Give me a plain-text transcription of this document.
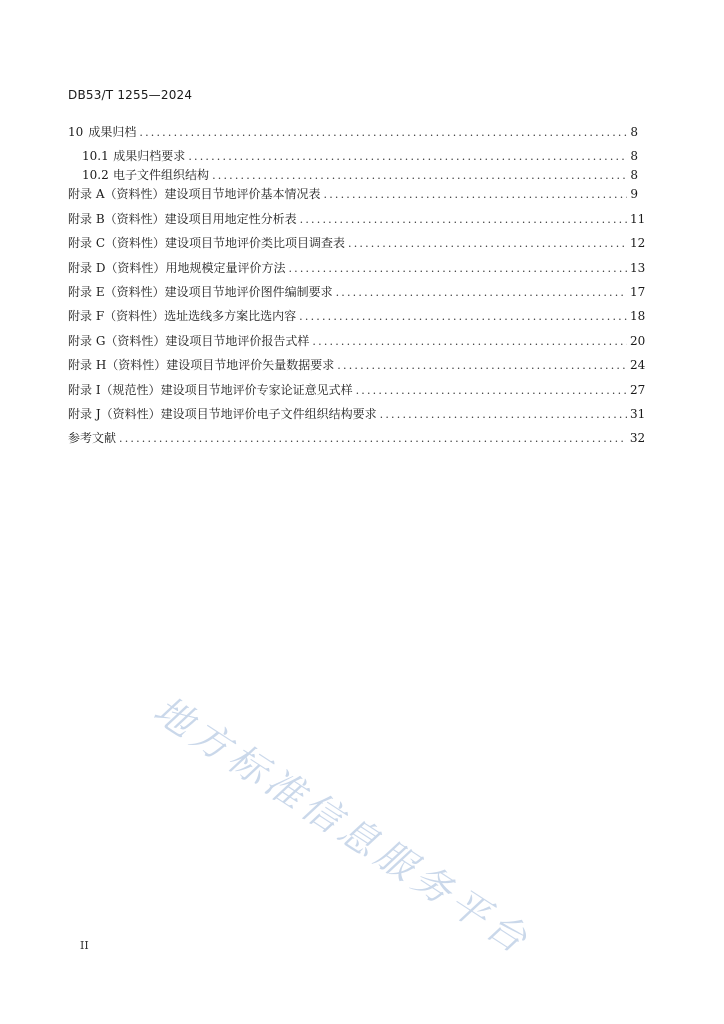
DB53/T 1255—2024
10 成果归档 .....	8
10.1 成果归档要求 .....	8
10.2 电子文件组织结构 .....	8
附录 A（资料性） 建设项目节地评价基本情况表 .....	9
附录 B（资料性） 建设项目用地定性分析表 .....	11
附录 C（资料性） 建设项目节地评价类比项目调查表 .....	12
附录 D（资料性） 用地规模定量评价方法 .....	13
附录 E（资料性） 建设项目节地评价图件编制要求 .....	17
附录 F（资料性） 选址选线多方案比选内容 .....	18
附录 G（资料性） 建设项目节地评价报告式样 .....	20
附录 H（资料性） 建设项目节地评价矢量数据要求 .....	24
附录 I（规范性） 建设项目节地评价专家论证意见式样 .....	27
附录 J（资料性） 建设项目节地评价电子文件组织结构要求 .....	31
参考文献 .....	32
地方标准信息服务平台
II
